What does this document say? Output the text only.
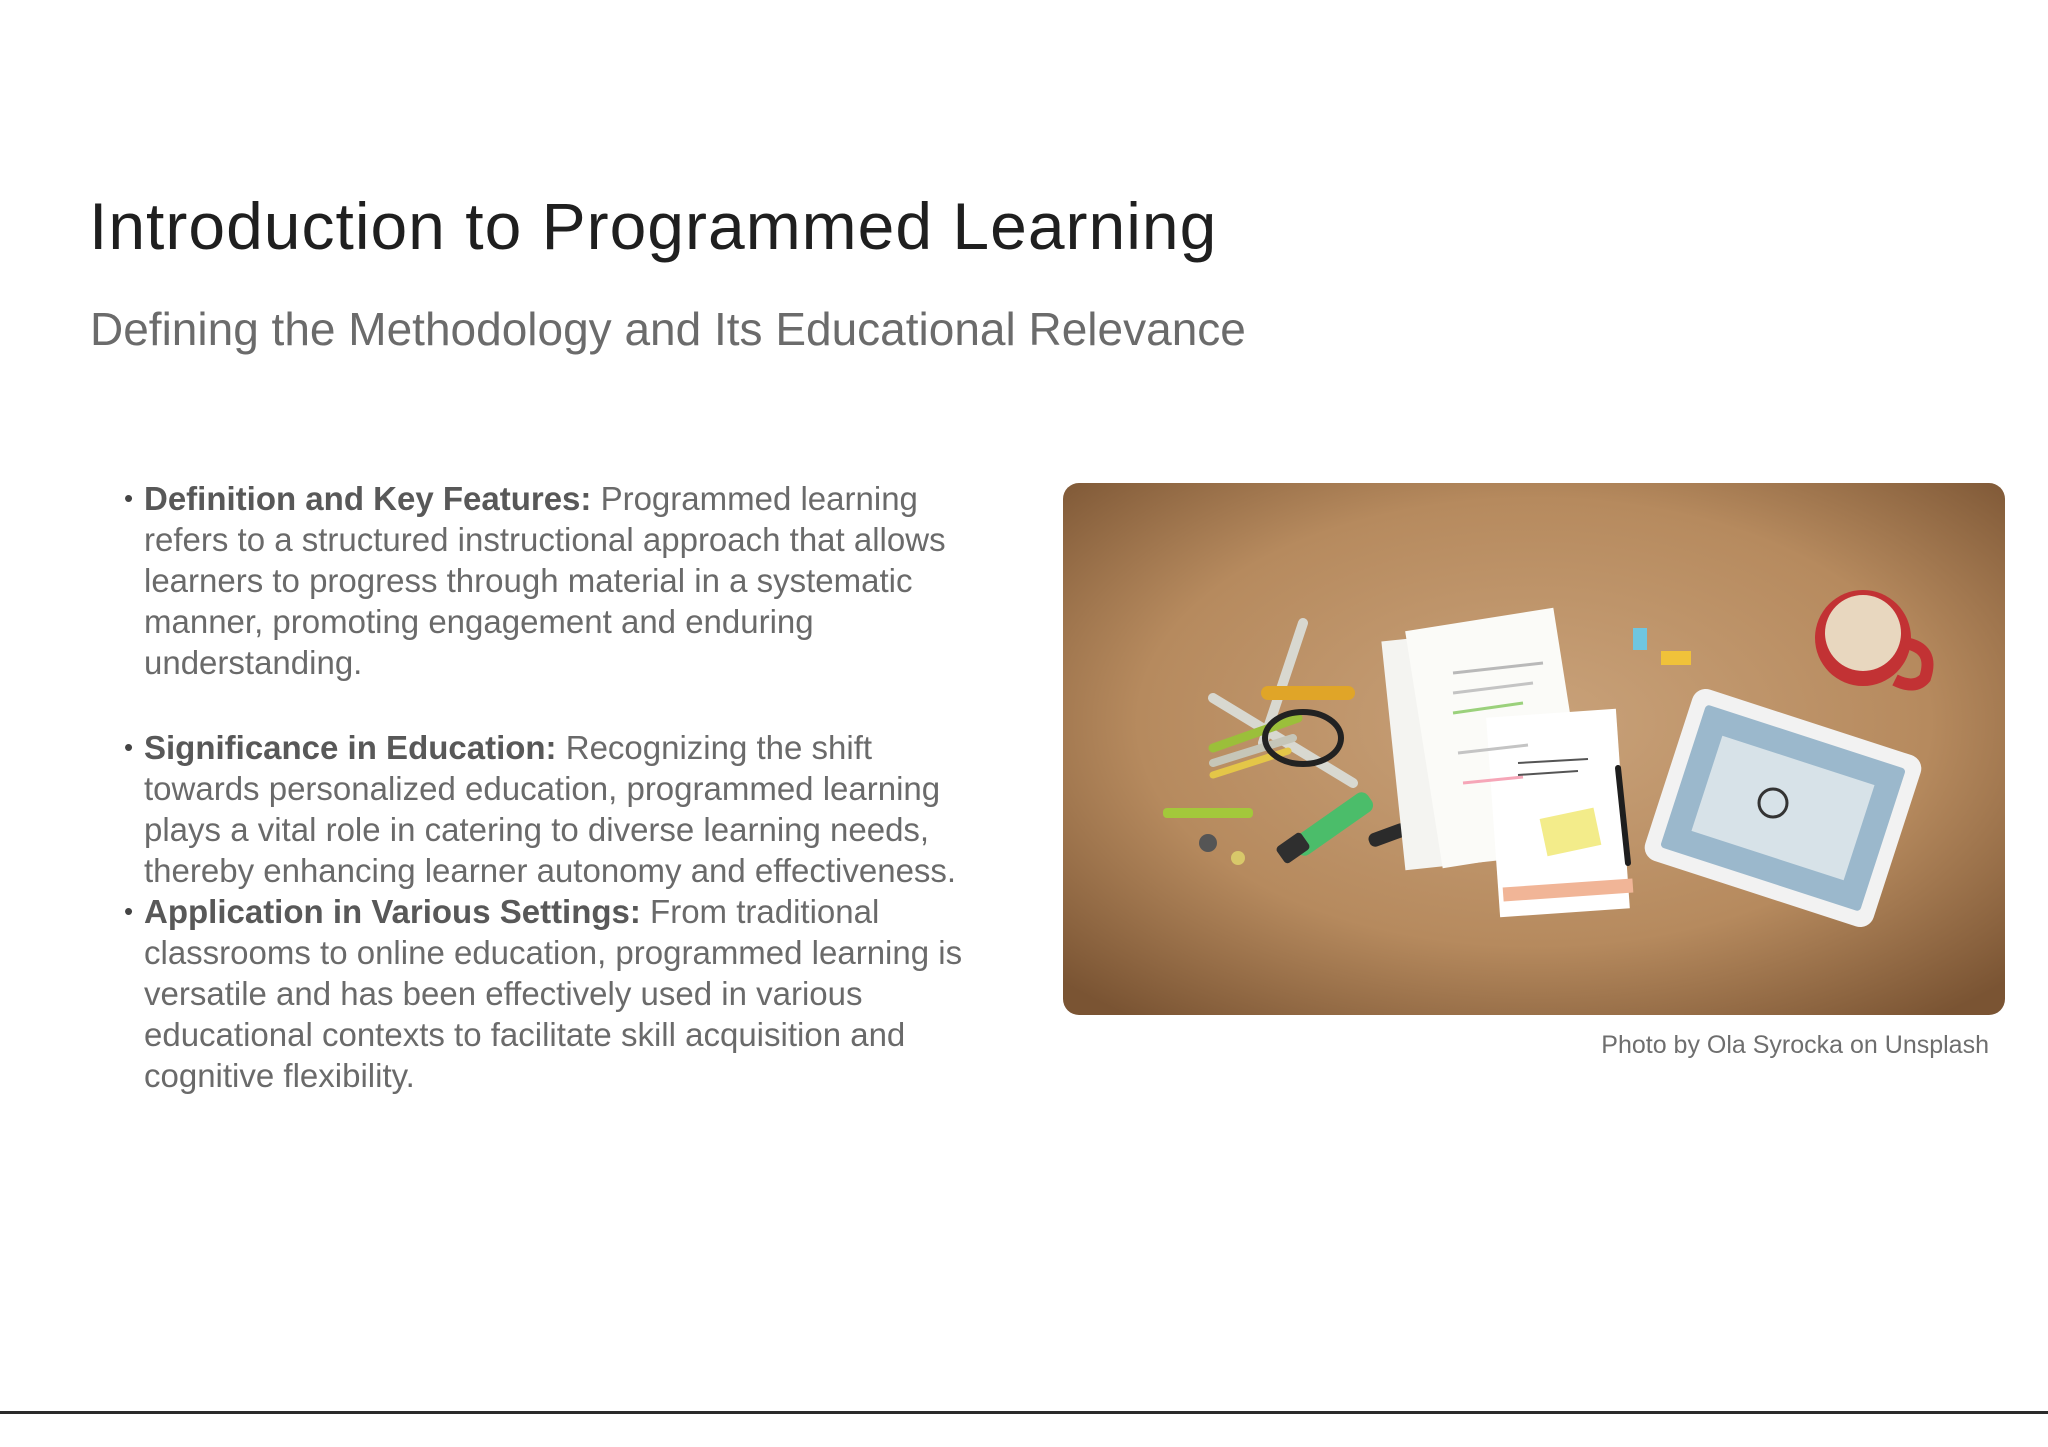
Introduction to Programmed Learning
Defining the Methodology and Its Educational Relevance
• Definition and Key Features: Programmed learning refers to a structured instructional approach that allows learners to progress through material in a systematic manner, promoting engagement and enduring understanding.
• Significance in Education: Recognizing the shift towards personalized education, programmed learning plays a vital role in catering to diverse learning needs, thereby enhancing learner autonomy and effectiveness.
• Application in Various Settings: From traditional classrooms to online education, programmed learning is versatile and has been effectively used in various educational contexts to facilitate skill acquisition and cognitive flexibility.
Photo by Ola Syrocka on Unsplash
